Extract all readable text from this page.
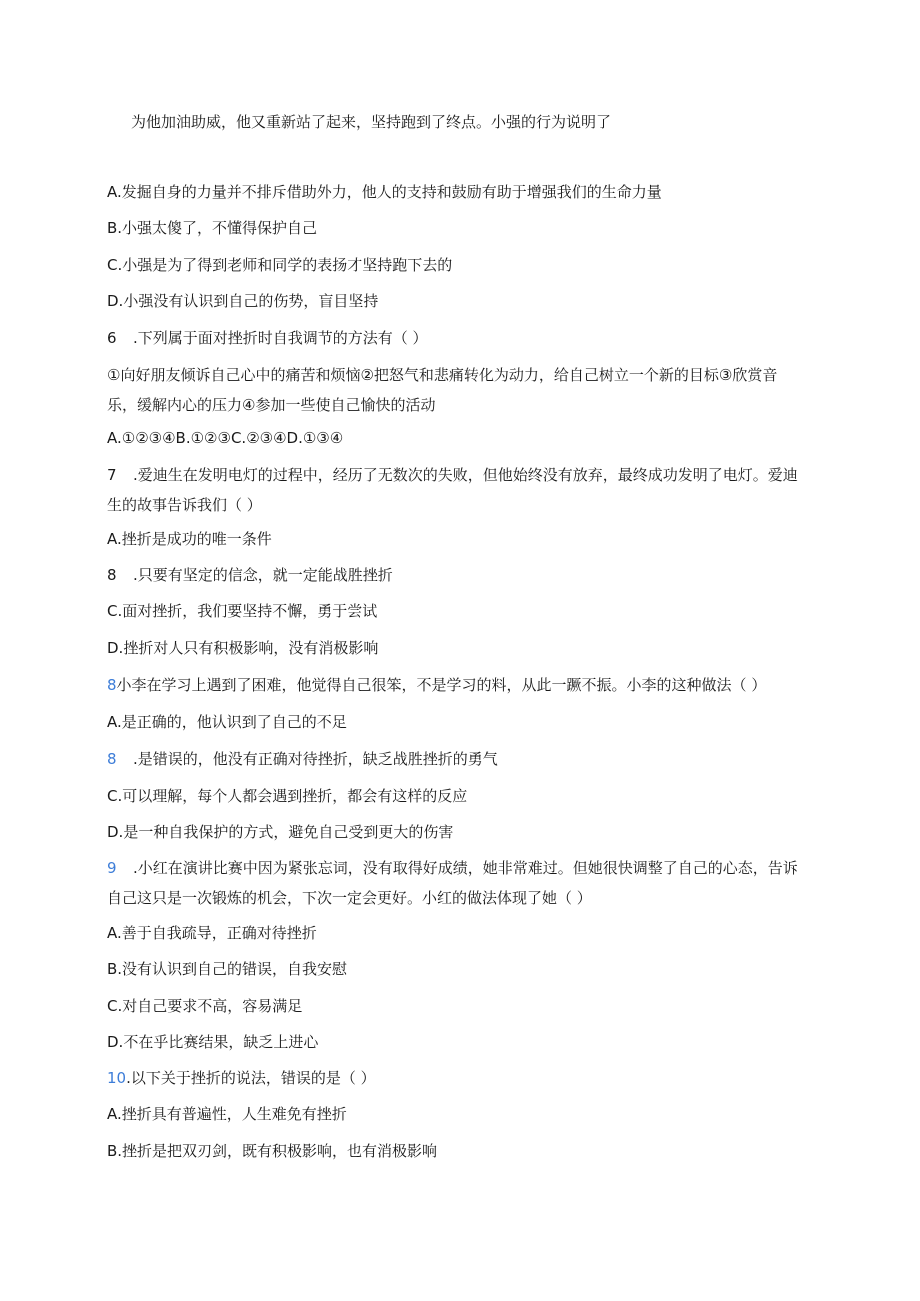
为他加油助威，他又重新站了起来，坚持跑到了终点。小强的行为说明了
A.发掘自身的力量并不排斥借助外力，他人的支持和鼓励有助于增强我们的生命力量
B.小强太傻了，不懂得保护自己
C.小强是为了得到老师和同学的表扬才坚持跑下去的
D.小强没有认识到自己的伤势，盲目坚持
6 .下列属于面对挫折时自我调节的方法有（ ）
①向好朋友倾诉自己心中的痛苦和烦恼②把怒气和悲痛转化为动力，给自己树立一个新的目标③欣赏音乐，缓解内心的压力④参加一些使自己愉快的活动
A.①②③④B.①②③C.②③④D.①③④
7 .爱迪生在发明电灯的过程中，经历了无数次的失败，但他始终没有放弃，最终成功发明了电灯。爱迪生的故事告诉我们（ ）
A.挫折是成功的唯一条件
8 .只要有坚定的信念，就一定能战胜挫折
C.面对挫折，我们要坚持不懈，勇于尝试
D.挫折对人只有积极影响，没有消极影响
8小李在学习上遇到了困难，他觉得自己很笨，不是学习的料，从此一蹶不振。小李的这种做法（ ）
A.是正确的，他认识到了自己的不足
8 .是错误的，他没有正确对待挫折，缺乏战胜挫折的勇气
C.可以理解，每个人都会遇到挫折，都会有这样的反应
D.是一种自我保护的方式，避免自己受到更大的伤害
9 .小红在演讲比赛中因为紧张忘词，没有取得好成绩，她非常难过。但她很快调整了自己的心态，告诉自己这只是一次锻炼的机会，下次一定会更好。小红的做法体现了她（ ）
A.善于自我疏导，正确对待挫折
B.没有认识到自己的错误，自我安慰
C.对自己要求不高，容易满足
D.不在乎比赛结果，缺乏上进心
10.以下关于挫折的说法，错误的是（ ）
A.挫折具有普遍性，人生难免有挫折
B.挫折是把双刃剑，既有积极影响，也有消极影响
